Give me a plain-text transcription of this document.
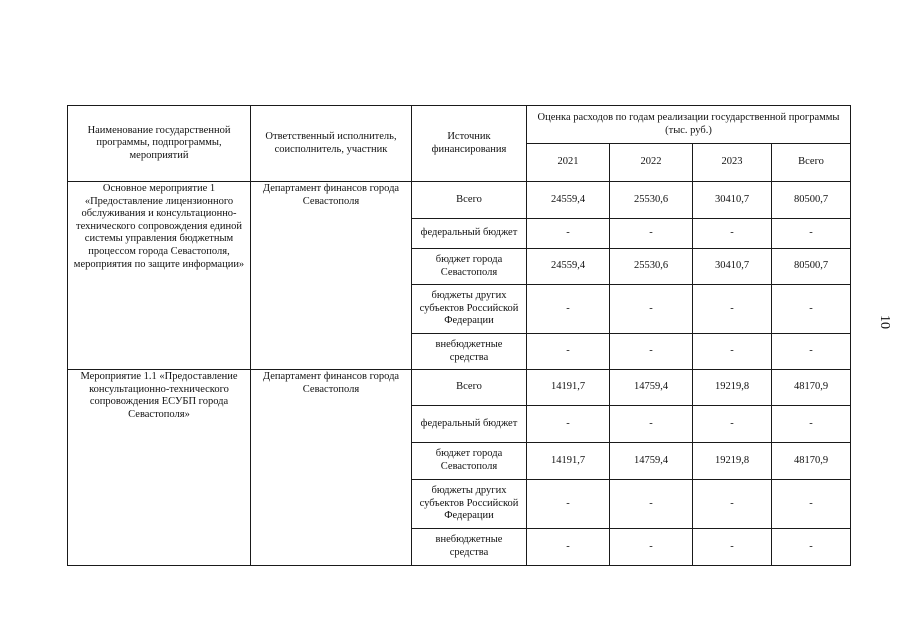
Наименование государственной программы, подпрограммы, мероприятий	Ответственный исполнитель, соисполнитель, участник	Источник финансирования	Оценка расходов по годам реализации государственной программы (тыс. руб.)			
			2021	2022	2023	Всего
Основное мероприятие 1 «Предоставление лицензионного обслуживания и консультационно-технического сопровождения единой системы управления бюджетным процессом города Севастополя, мероприятия по защите информации»	Департамент финансов города Севастополя	Всего	24559,4	25530,6	30410,7	80500,7
		федеральный бюджет	-	-	-	-
		бюджет города Севастополя	24559,4	25530,6	30410,7	80500,7
		бюджеты других субъектов Российской Федерации	-	-	-	-
		внебюджетные средства	-	-	-	-
Мероприятие 1.1 «Предоставление консультационно-технического сопровождения ЕСУБП города Севастополя»	Департамент финансов города Севастополя	Всего	14191,7	14759,4	19219,8	48170,9
		федеральный бюджет	-	-	-	-
		бюджет города Севастополя	14191,7	14759,4	19219,8	48170,9
		бюджеты других субъектов Российской Федерации	-	-	-	-
		внебюджетные средства	-	-	-	-
10
